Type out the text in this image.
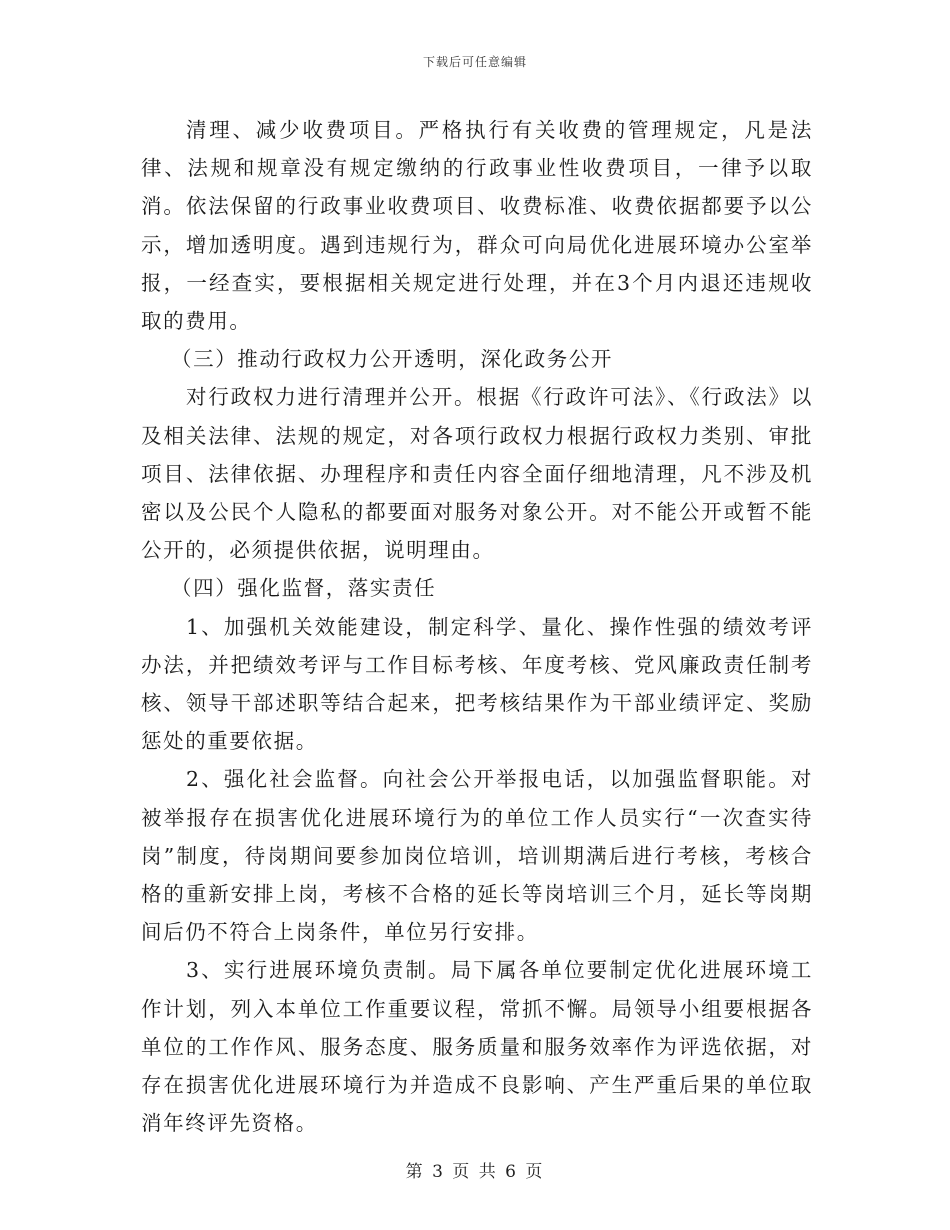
下载后可任意编辑

清理、减少收费项目。严格执行有关收费的管理规定，凡是法律、法规和规章没有规定缴纳的行政事业性收费项目，一律予以取消。依法保留的行政事业收费项目、收费标准、收费依据都要予以公示，增加透明度。遇到违规行为，群众可向局优化进展环境办公室举报，一经查实，要根据相关规定进行处理，并在3个月内退还违规收取的费用。

（三）推动行政权力公开透明，深化政务公开

对行政权力进行清理并公开。根据《行政许可法》、《行政法》以及相关法律、法规的规定，对各项行政权力根据行政权力类别、审批项目、法律依据、办理程序和责任内容全面仔细地清理，凡不涉及机密以及公民个人隐私的都要面对服务对象公开。对不能公开或暂不能公开的，必须提供依据，说明理由。

（四）强化监督，落实责任

1、加强机关效能建设，制定科学、量化、操作性强的绩效考评办法，并把绩效考评与工作目标考核、年度考核、党风廉政责任制考核、领导干部述职等结合起来，把考核结果作为干部业绩评定、奖励惩处的重要依据。

2、强化社会监督。向社会公开举报电话，以加强监督职能。对被举报存在损害优化进展环境行为的单位工作人员实行“一次查实待岗”制度，待岗期间要参加岗位培训，培训期满后进行考核，考核合格的重新安排上岗，考核不合格的延长等岗培训三个月，延长等岗期间后仍不符合上岗条件，单位另行安排。

3、实行进展环境负责制。局下属各单位要制定优化进展环境工作计划，列入本单位工作重要议程，常抓不懈。局领导小组要根据各单位的工作作风、服务态度、服务质量和服务效率作为评选依据，对存在损害优化进展环境行为并造成不良影响、产生严重后果的单位取消年终评先资格。

第 3 页 共 6 页
